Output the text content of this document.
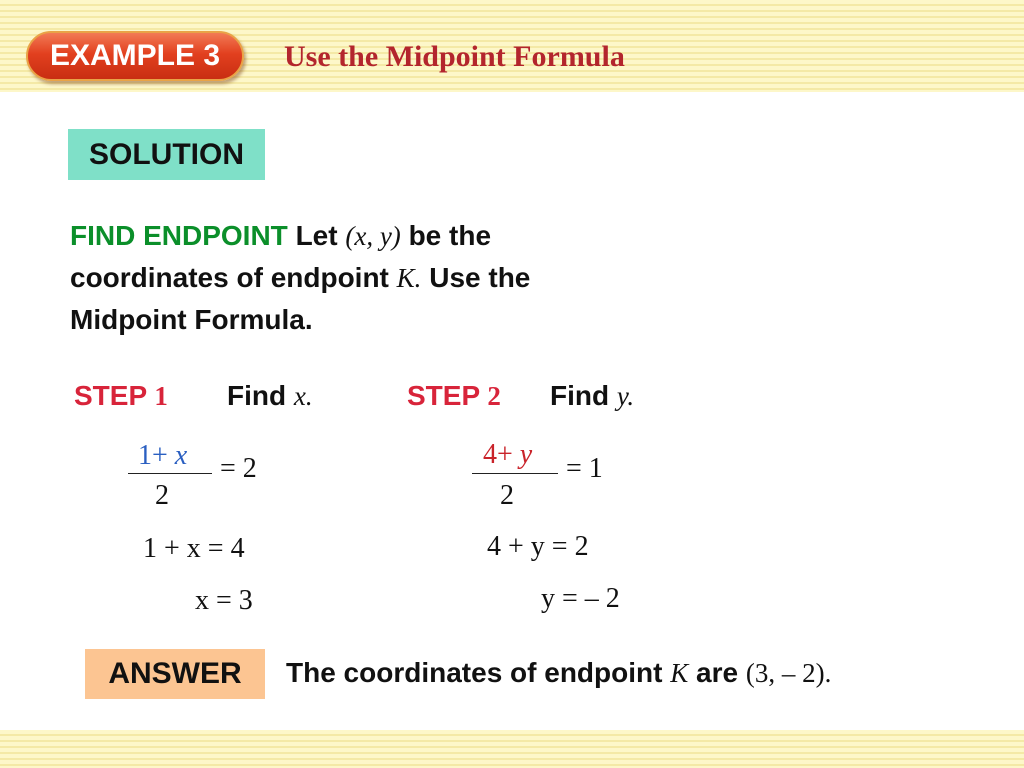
EXAMPLE 3	Use the Midpoint Formula
SOLUTION
FIND ENDPOINT Let (x, y) be the
coordinates of endpoint K. Use the
Midpoint Formula.
STEP 1 Find x.
1+ x
2
= 2
1 + x = 4
x = 3
STEP 2 Find y.
4+ y
2
= 1
4 + y = 2
y = – 2
ANSWER	The coordinates of endpoint K are (3, – 2).
